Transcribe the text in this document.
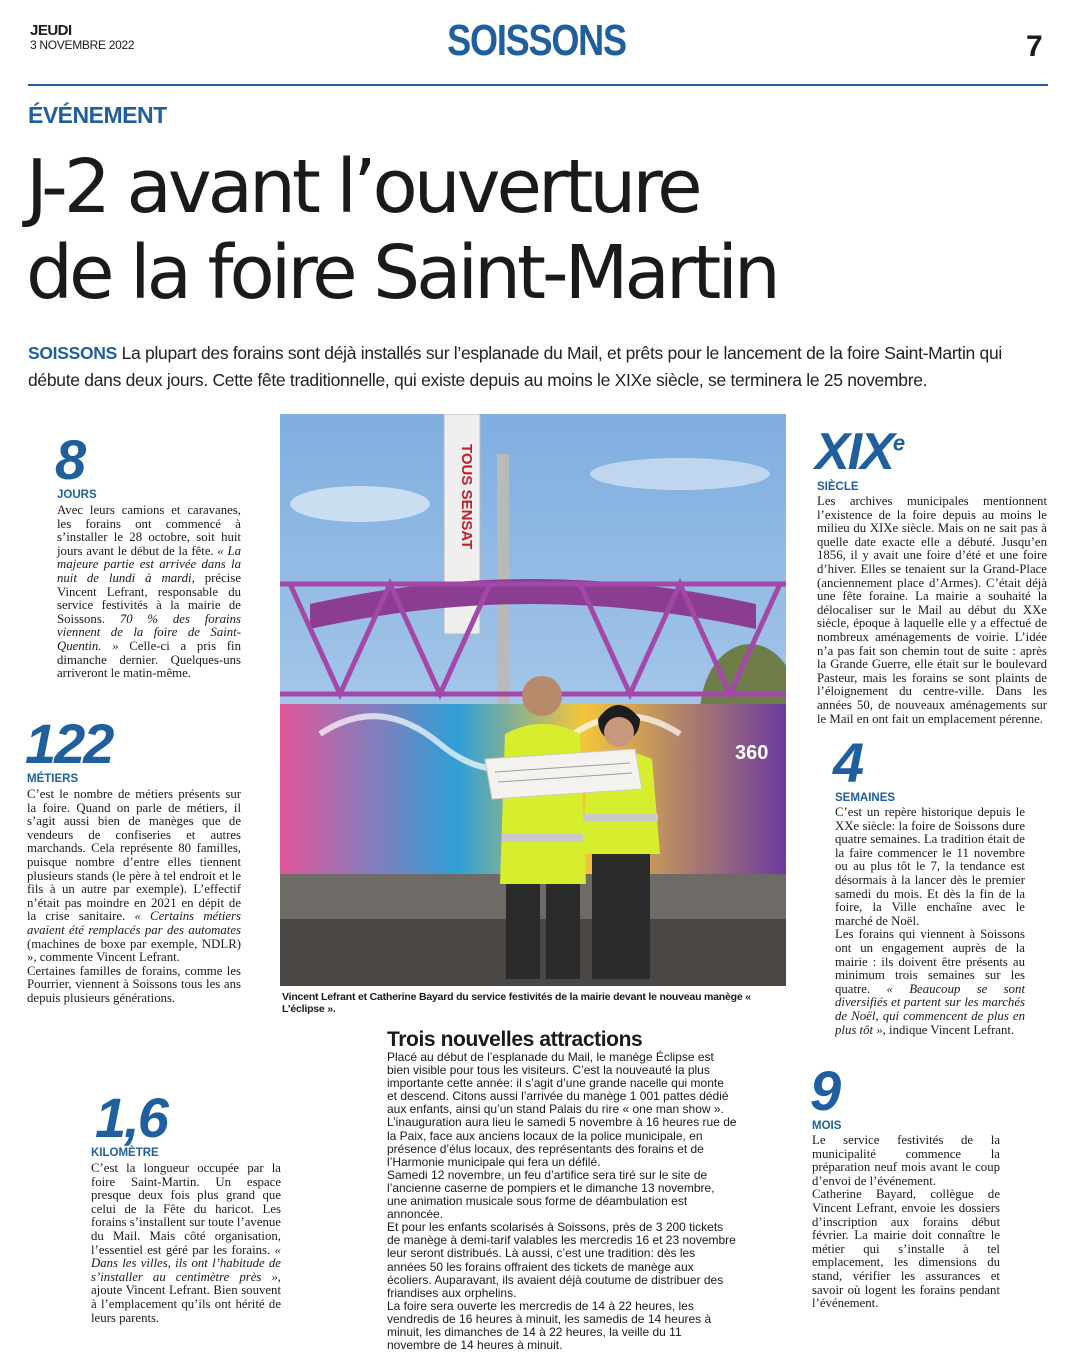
JEUDI
3 NOVEMBRE 2022	SOISSONS	7
ÉVÉNEMENT
J-2 avant l’ouverture
de la foire Saint-Martin
SOISSONS La plupart des forains sont déjà installés sur l’esplanade du Mail, et prêts pour le lancement de la foire Saint-Martin qui débute dans deux jours. Cette fête traditionnelle, qui existe depuis au moins le XIXe siècle, se terminera le 25 novembre.
8
JOURS
Avec leurs camions et caravanes, les forains ont commencé à s’installer le 28 octobre, soit huit jours avant le début de la fête. « La majeure partie est arrivée dans la nuit de lundi à mardi, précise Vincent Lefrant, responsable du service festivités à la mairie de Soissons. 70 % des forains viennent de la foire de Saint-Quentin. » Celle-ci a pris fin dimanche dernier. Quelques-uns arriveront le matin-même.
122
MÉTIERS
C’est le nombre de métiers présents sur la foire. Quand on parle de métiers, il s’agit aussi bien de manèges que de vendeurs de confiseries et autres marchands. Cela représente 80 familles, puisque nombre d’entre elles tiennent plusieurs stands (le père à tel endroit et le fils à un autre par exemple). L’effectif n’était pas moindre en 2021 en dépit de la crise sanitaire. « Certains métiers avaient été remplacés par des automates (machines de boxe par exemple, NDLR) », commente Vincent Lefrant.
Certaines familles de forains, comme les Pourrier, viennent à Soissons tous les ans depuis plusieurs générations.
1,6
KILOMÈTRE
C’est la longueur occupée par la foire Saint-Martin. Un espace presque deux fois plus grand que celui de la Fête du haricot. Les forains s’installent sur toute l’avenue du Mail. Mais côté organisation, l’essentiel est géré par les forains. « Dans les villes, ils ont l’habitude de s’installer au centimètre près », ajoute Vincent Lefrant. Bien souvent à l’emplacement qu’ils ont hérité de leurs parents.
TOUS SENSAT
360
Vincent Lefrant et Catherine Bayard du service festivités de la mairie devant le nouveau manège « L’éclipse ».
XIXe
SIÈCLE
Les archives municipales mentionnent l’existence de la foire depuis au moins le milieu du XIXe siècle. Mais on ne sait pas à quelle date exacte elle a débuté. Jusqu’en 1856, il y avait une foire d’été et une foire d’hiver. Elles se tenaient sur la Grand-Place (anciennement place d’Armes). C’était déjà une fête foraine. La mairie a souhaité la délocaliser sur le Mail au début du XXe siècle, époque à laquelle elle y a effectué de nombreux aménagements de voirie. L’idée n’a pas fait son chemin tout de suite : après la Grande Guerre, elle était sur le boulevard Pasteur, mais les forains se sont plaints de l’éloignement du centre-ville. Dans les années 50, de nouveaux aménagements sur le Mail en ont fait un emplacement pérenne.
4
SEMAINES
C’est un repère historique depuis le XXe siècle: la foire de Soissons dure quatre semaines. La tradition était de la faire commencer le 11 novembre ou au plus tôt le 7, la tendance est désormais à la lancer dès le premier samedi du mois. Et dès la fin de la foire, la Ville enchaîne avec le marché de Noël.
Les forains qui viennent à Soissons ont un engagement auprès de la mairie : ils doivent être présents au minimum trois semaines sur les quatre. « Beaucoup se sont diversifiés et partent sur les marchés de Noël, qui commencent de plus en plus tôt », indique Vincent Lefrant.
9
MOIS
Le service festivités de la municipalité commence la préparation neuf mois avant le coup d’envoi de l’événement.
Catherine Bayard, collègue de Vincent Lefrant, envoie les dossiers d’inscription aux forains début février. La mairie doit connaître le métier qui s’installe à tel emplacement, les dimensions du stand, vérifier les assurances et savoir où logent les forains pendant l’événement.
Trois nouvelles attractions
Placé au début de l’esplanade du Mail, le manège Éclipse est bien visible pour tous les visiteurs. C’est la nouveauté la plus importante cette année: il s’agit d’une grande nacelle qui monte et descend. Citons aussi l’arrivée du manège 1 001 pattes dédié aux enfants, ainsi qu’un stand Palais du rire « one man show ».
L’inauguration aura lieu le samedi 5 novembre à 16 heures rue de la Paix, face aux anciens locaux de la police municipale, en présence d’élus locaux, des représentants des forains et de l’Harmonie municipale qui fera un défilé.
Samedi 12 novembre, un feu d’artifice sera tiré sur le site de l’ancienne caserne de pompiers et le dimanche 13 novembre, une animation musicale sous forme de déambulation est annoncée.
Et pour les enfants scolarisés à Soissons, près de 3 200 tickets de manège à demi-tarif valables les mercredis 16 et 23 novembre leur seront distribués. Là aussi, c’est une tradition: dès les années 50 les forains offraient des tickets de manège aux écoliers. Auparavant, ils avaient déjà coutume de distribuer des friandises aux orphelins.
La foire sera ouverte les mercredis de 14 à 22 heures, les vendredis de 16 heures à minuit, les samedis de 14 heures à minuit, les dimanches de 14 à 22 heures, la veille du 11 novembre de 14 heures à minuit.
